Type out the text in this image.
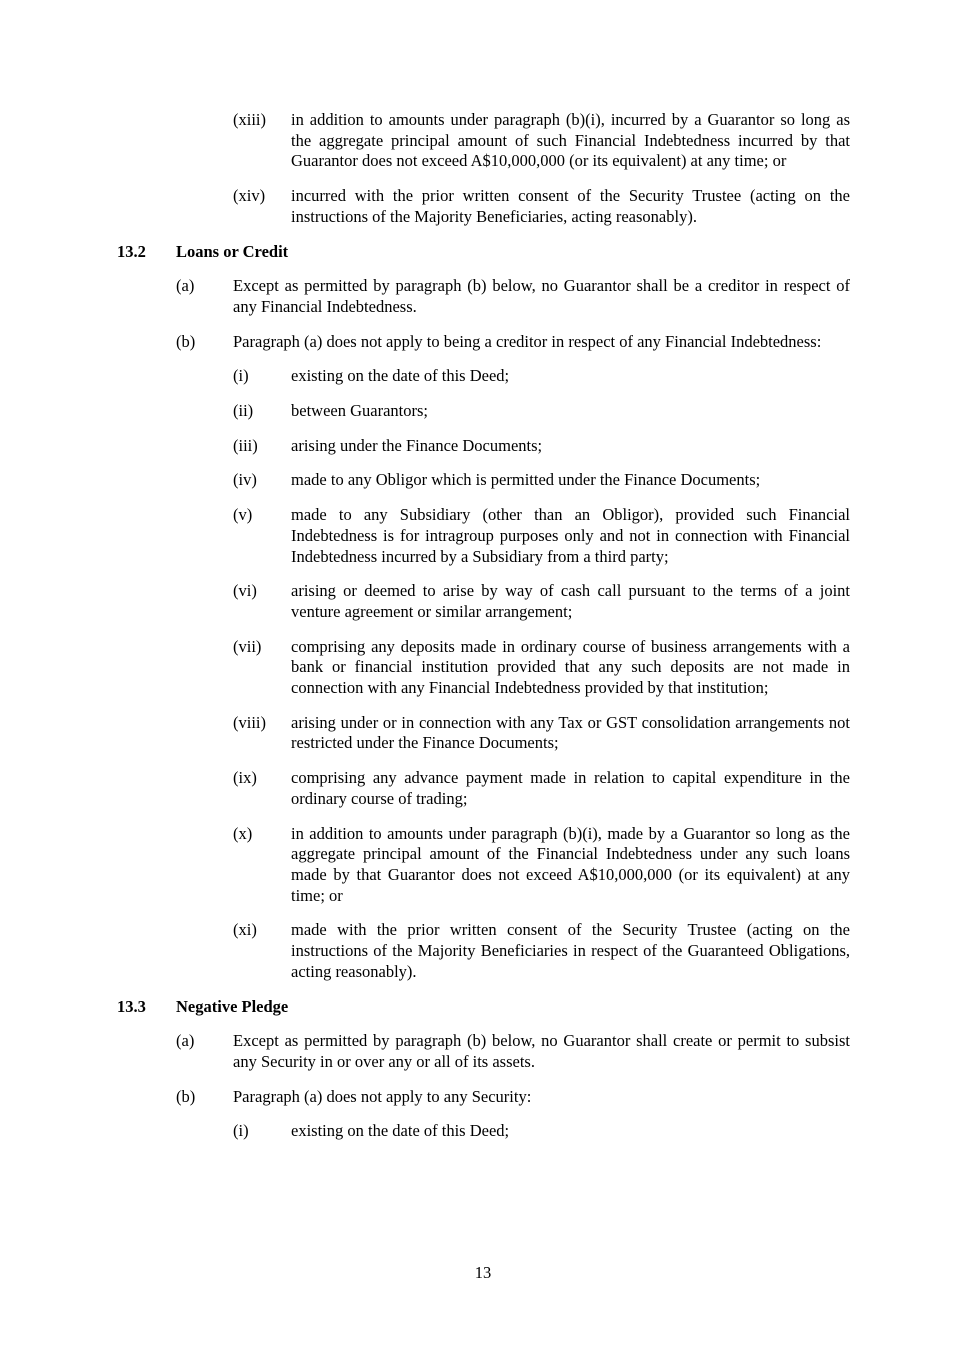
(xiii)	in addition to amounts under paragraph (b)(i), incurred by a Guarantor so long as the aggregate principal amount of such Financial Indebtedness incurred by that Guarantor does not exceed A$10,000,000 (or its equivalent) at any time; or
(xiv)	incurred with the prior written consent of the Security Trustee (acting on the instructions of the Majority Beneficiaries, acting reasonably).
13.2	Loans or Credit
(a)	Except as permitted by paragraph (b) below, no Guarantor shall be a creditor in respect of any Financial Indebtedness.
(b)	Paragraph (a) does not apply to being a creditor in respect of any Financial Indebtedness:
(i)	existing on the date of this Deed;
(ii)	between Guarantors;
(iii)	arising under the Finance Documents;
(iv)	made to any Obligor which is permitted under the Finance Documents;
(v)	made to any Subsidiary (other than an Obligor), provided such Financial Indebtedness is for intragroup purposes only and not in connection with Financial Indebtedness incurred by a Subsidiary from a third party;
(vi)	arising or deemed to arise by way of cash call pursuant to the terms of a joint venture agreement or similar arrangement;
(vii)	comprising any deposits made in ordinary course of business arrangements with a bank or financial institution provided that any such deposits are not made in connection with any Financial Indebtedness provided by that institution;
(viii)	arising under or in connection with any Tax or GST consolidation arrangements not restricted under the Finance Documents;
(ix)	comprising any advance payment made in relation to capital expenditure in the ordinary course of trading;
(x)	in addition to amounts under paragraph (b)(i), made by a Guarantor so long as the aggregate principal amount of the Financial Indebtedness under any such loans made by that Guarantor does not exceed A$10,000,000 (or its equivalent) at any time; or
(xi)	made with the prior written consent of the Security Trustee (acting on the instructions of the Majority Beneficiaries in respect of the Guaranteed Obligations, acting reasonably).
13.3	Negative Pledge
(a)	Except as permitted by paragraph (b) below, no Guarantor shall create or permit to subsist any Security in or over any or all of its assets.
(b)	Paragraph (a) does not apply to any Security:
(i)	existing on the date of this Deed;
13
